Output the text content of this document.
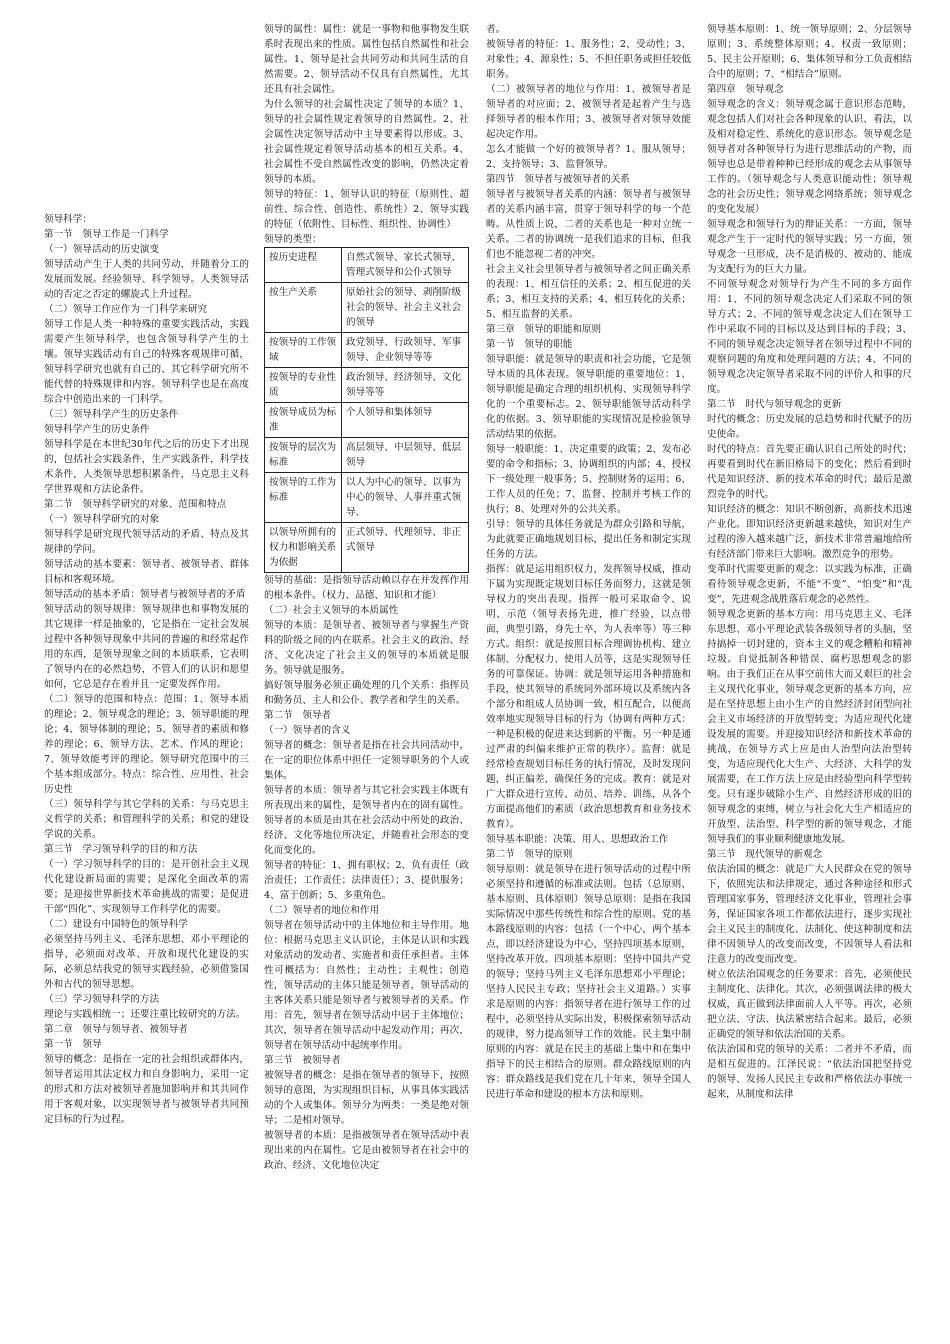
领导科学：

第一节　领导工作是一门科学

（一）领导活动的历史演变

领导活动产生于人类的共同劳动，并随着分工的发展而发展。经验领导、科学领导。人类领导活动的否定之否定的螺旋式上升过程。

（二）领导工作应作为一门科学来研究

领导工作是人类一种特殊的重要实践活动，实践需要产生领导科学，也包含领导科学产生的土壤。领导实践活动有自己的特殊客观规律可循，领导科学研究也就有自己的、其它科学研究所不能代替的特殊规律和内容。领导科学也是在高度综合中创造出来的一门科学。

（三）领导科学产生的历史条件

领导科学产生的历史条件

领导科学是在本世纪30年代之后的历史下才出现的，包括社会实践条件，生产实践条件，科学技术条件，人类领导思想积累条件，马克思主义科学世界观和方法论条件。

第二节　领导科学研究的对象、范围和特点

（一）领导科学研究的对象

领导科学是研究现代领导活动的矛盾、特点及其规律的学问。

领导活动的基本要素：领导者、被领导者、群体目标和客观环境。

领导活动的基本矛盾：领导者与被领导者的矛盾

领导活动的领导规律：领导规律也和事物发展的其它规律一样是抽象的，它是指在一定社会发展过程中各种领导现象中共同的普遍的和经常起作用的东西，是领导现象之间的本质联系，它表明了领导内在的必然趋势，不管人们的认识和愿望如何，它总是存在着并且一定要发挥作用。

（二）领导的范围和特点：范围：1、领导本质的理论；2、领导观念的理论；3、领导职能的理论；4、领导体制的理论；5、领导者的素质和修养的理论；6、领导方法、艺术、作风的理论；7、领导效能考评的理论。领导研究范围中的三个基本组成部分。特点：综合性、应用性、社会历史性

（三）领导科学与其它学科的关系：与马克思主义哲学的关系；和管理科学的关系；和党的建设学说的关系。

第三节　学习领导科学的目的和方法

（一）学习领导科学的目的：是开创社会主义现代化建设新局面的需要；是深化全面改革的需要；是迎接世界新技术革命挑战的需要；是促进干部“四化”、实现领导工作科学化的需要。

（二）建设有中国特色的领导科学

必须坚持马列主义、毛泽东思想、邓小平理论的指导，必须面对改革、开放和现代化建设的实际，必须总结我党的领导实践经验，必须借鉴国外和古代的领导思想。

（三）学习领导科学的方法

理论与实践相统一；还要注重比较研究的方法。

第二章　领导与领导者、被领导者

第一节　领导

领导的概念：是指在一定的社会组织或群体内，领导者运用其法定权力和自身影响力，采用一定的形式和方法对被领导者施加影响并和其共同作用于客观对象，以实现领导者与被领导者共同预定目标的行为过程。

领导的属性：属性：就是一事物和他事物发生联系时表现出来的性质。属性包括自然属性和社会属性。1、领导是社会共同劳动和共同生活的自然需要。2、领导活动不仅具有自然属性，尤其还具有社会属性。

为什么领导的社会属性决定了领导的本质？1、领导的社会属性规定着领导的自然属性。2、社会属性决定领导活动中主导要素得以形成。3、社会属性规定着领导活动基本的相互关系。4、社会属性不受自然属性改变的影响，仍然决定着领导的本质。

领导的特征：1、领导认识的特征（原则性、超前性、综合性、创造性、系统性）2、领导实践的特征（依附性、目标性、组织性、协调性）

领导的类型：

按历史进程	自然式领导、家长式领导、管理式领导和公仆式领导
按生产关系	原始社会的领导、剥削阶级社会的领导、社会主义社会的领导
按领导的工作领域	政党领导、行政领导、军事领导、企业领导等等
按领导的专业性质	政治领导、经济领导、文化领导等等
按领导成员为标准	个人领导和集体领导
按领导的层次为标准	高层领导、中层领导、低层领导
按领导的工作为标准	以人为中心的领导、以事为中心的领导、人事并重式领导、
以领导所拥有的权力和影响关系为依据	正式领导、代理领导、非正式领导

领导的基础：是指领导活动赖以存在并发挥作用的根本条件。（权力、品德、知识和才能）

（二）社会主义领导的本质属性

领导的本质：是领导者、被领导者与掌握生产资料的阶级之间的内在联系。社会主义的政治、经济、文化决定了社会主义的领导的本质就是服务。领导就是服务。

搞好领导服务必须正确处理的几个关系：指挥员和勤务员、主人和公仆、教学者和学生的关系。

第二节　领导者

（一）领导者的含义

领导者的概念：领导者是指在社会共同活动中，在一定的职位体系中担任一定领导职务的个人或集体。

领导者的本质：领导者与其它社会实践主体既有所表现出来的属性，是领导者内在的固有属性。领导者的本质是由其在社会活动中所处的政治、经济、文化等地位所决定，并随着社会形态的变化而变化的。

领导者的特征：1、拥有职权；2、负有责任（政治责任；工作责任；法律责任）；3、提供服务；4、富于创新；5、多重角色。

（二）领导者的地位和作用

领导者在领导活动中的主体地位和主导作用。地位：根据马克思主义认识论，主体是认识和实践对象活动的发动者、实施者和责任承担者。主体性可概括为：自然性；主动性；主观性；创造性，领导活动的主体只能是领导者，领导活动的主客体关系只能是领导者与被领导者的关系。作用：首先，领导者在领导活动中居于主体地位；其次，领导者在领导活动中起发动作用；再次，领导者在领导活动中起统率作用。

第三节　被领导者

被领导者的概念：是指在领导者的领导下，按照领导的意图，为实现组织目标，从事具体实践活动的个人或集体。领导分为两类：一类是绝对领导；二是相对领导。

被领导者的本质：是指被领导者在领导活动中表现出来的内在属性。它是由被领导者在社会中的政治、经济、文化地位决定

者。

被领导者的特征：1、服务性；2、受动性；3、对象性；4、源泉性；5、不担任职务或担任较低职务。

（二）被领导者的地位与作用：1、被领导者是领导者的对应面；2、被领导者是起着产生与选择领导者的根本作用；3、被领导者对领导效能起决定作用。

怎么才能做一个好的被领导者？1、服从领导；2、支持领导；3、监督领导。

第四节　领导者与被领导者的关系

领导者与被领导者关系的内涵：领导者与被领导者的关系内涵丰富，贯穿于领导科学的每一个范畴。从性质上说，二者的关系也是一种对立统一关系。二者的协调统一是我们追求的目标，但我们也不能忽视二者的冲突。

社会主义社会里领导者与被领导者之间正确关系的表现：1、相互信任的关系；2、相互促进的关系；3、相互支持的关系；4、相互转化的关系；5、相互监督的关系。

第三章　领导的职能和原则

第一节　领导的职能

领导职能：就是领导的职责和社会功能，它是领导本质的具体表现。领导职能的重要地位：1、领导职能是确定合理的组织机构、实现领导科学化的一个重要标志。2、领导职能领导活动科学化的依据。3、领导职能的实现情况是检验领导活动结果的依据。

领导一般职能：1、决定重要的政策；2、发布必要的命令和指标；3、协调组织的内部；4、授权下一级处理一般事务；5、控制财务的运用；6、工作人员的任免；7、监督、控制并考核工作的执行；8、处理对外的公共关系。

引导：领导的具体任务就是为群众引路和导航，为此就要正确地规划目标，提出任务和制定实现任务的方法。

指挥：就是运用组织权力，发挥领导权威，推动下属为实现既定规划目标任务而努力，这就是领导权力的突出表现。指挥一般可采取命令、说明、示范（领导表扬先进，推广经验，以点带面，典型引路，身先士卒，为人表率等）等三种方式。组织：就是按照目标合理调协机构、建立体制、分配权力、使用人员等，这是实现领导任务的可靠保证。协调：就是领导运用各种措施和手段，使其领导的系统同外部环境以及系统内各个部分和组成人员协调一致，相互配合，以便高效率地实现领导目标的行为（协调有两种方式：一种是积极的促进来达到新的平衡。另一种是通过严肃的纠偏来维护正常的秩序）。监督：就是经常检查规划目标任务的执行情况，及时发现问题，纠正偏差，确保任务的完成。教育：就是对广大群众进行宣传、动员、培养、训练，从各个方面提高他们的素质（政治思想教育和业务技术教育）。

领导基本职能：决策、用人、思想政治工作

第二节　领导的原则

领导原则：就是领导在进行领导活动的过程中所必须坚持和遵循的标准或法则。包括（总原则、基本原则、具体原则）领导总原则：是指在我国实际情况中那些传统性和综合性的原则。党的基本路线原则的内容：包括（一个中心，两个基本点，即以经济建设为中心，坚持四项基本原则，坚持改革开放。四项基本原则：坚持中国共产党的领导；坚持马列主义毛泽东思想邓小平理论；坚持人民民主专政；坚持社会主义道路。）实事求是原则的内容：指领导者在进行领导工作的过程中，必须坚持从实际出发，积极探索领导活动的规律，努力提高领导工作的效能。民主集中制原则的内容：就是在民主的基础上集中和在集中指导下的民主相结合的原则。群众路线原则的内容：群众路线是我们党在几十年来，领导全国人民进行革命和建设的根本方法和原则。

领导基本原则：1、统一领导原则；2、分层领导原则；3、系统整体原则；4、权责一致原则；5、民主公开原则；6、集体领导和分工负责相结合中的原则；7、“相结合”原则。

第四章　领导观念

领导观念的含义：领导观念属于意识形态范畴，观念包括人们对社会各种现象的认识、看法，以及相对稳定性、系统化的意识形态。领导观念是领导者对各种领导行为进行思维活动的产物，而领导也总是带着种种已经形成的观念去从事领导工作的。（领导观念与人类意识能动性；领导观念的社会历史性；领导观念网络系统；领导观念的变化发展）

领导观念和领导行为的辩证关系：一方面，领导观念产生于一定时代的领导实践；另一方面，领导观念一旦形成，决不是消极的、被动的、能成为支配行为的巨大力量。

不同领导观念对领导行为产生不同的多方面作用：1、不同的领导观念决定人们采取不同的领导方式；2、不同的领导观念决定人们在领导工作中采取不同的目标以及达到目标的手段；3、不同的领导观念决定领导者在领导过程中不同的观察问题的角度和处理问题的方法；4、不同的领导观念决定领导者采取不同的评价人和事的尺度。

第二节　时代与领导观念的更新

时代的概念：历史发展的总趋势和时代赋予的历史使命。

时代的特点：首先要正确认识自己所处的时代；再要看到时代在新旧格局下的变化；然后看到时代是知识经济、新的技术革命的时代；最后是激烈竞争的时代。

知识经济的概念：知识不断创新，高新技术迅速产业化。即知识经济更新越来越快，知识对生产过程的渗入越来越广泛，新技术非常普遍地给所有经济部门带来巨大影响。激烈竞争的形势。

变革时代需要更新的观念：以实践为标准，正确看待领导观念更新，不能“不变”、“怕变”和“乱变”，先进观念战胜落后观念的必然性。

领导观念更新的基本方向：用马克思主义、毛泽东思想、邓小平理论武装各级领导者的头脑，坚持搞掉一切封建的，资本主义的观念糟粕和精神垃圾。自觉抵制各种错误、腐朽思想观念的影响。由于我们正在从事空前伟大而又艰巨的社会主义现代化事业，领导观念更新的基本方向，应是在坚持思想上由小生产的自然经济封闭型向社会主义市场经济的开放型转变；为适应现代化建设发展的需要。并迎接知识经济和新技术革命的挑战，在领导方式上应是由人治型向法治型转变，为适应现代化大生产、大经济、大科学的发展需要，在工作方法上应是由经验型向科学型转变。只有逐步破除小生产、自然经济形成的旧的领导观念的束缚，树立与社会化大生产相适应的开放型、法治型、科学型的新的领导观念，才能领导我们的事业顺利健康地发展。

第三节　现代领导的新观念

依法治国的概念：就是广大人民群众在党的领导下，依照宪法和法律规定，通过各种途径和形式管理国家事务，管理经济文化事业，管理社会事务，保证国家各项工作都依法进行，逐步实现社会主义民主的制度化、法制化、使这种制度和法律不因领导人的改变而改变，不因领导人看法和注意力的改变而改变。

树立依法治国观念的任务要求：首先，必须使民主制度化、法律化。其次，必须强调法律的极大权威，真正做到法律面前人人平等。再次，必须把立法、守法、执法紧密结合起来。最后，必须正确党的领导和依法治国的关系。

依法治国和党的领导的关系：二者并不矛盾，而是相互促进的。江泽民说：“依法治国把坚持党的领导、发扬人民民主专政和严格依法办事统一起来，从制度和法律
